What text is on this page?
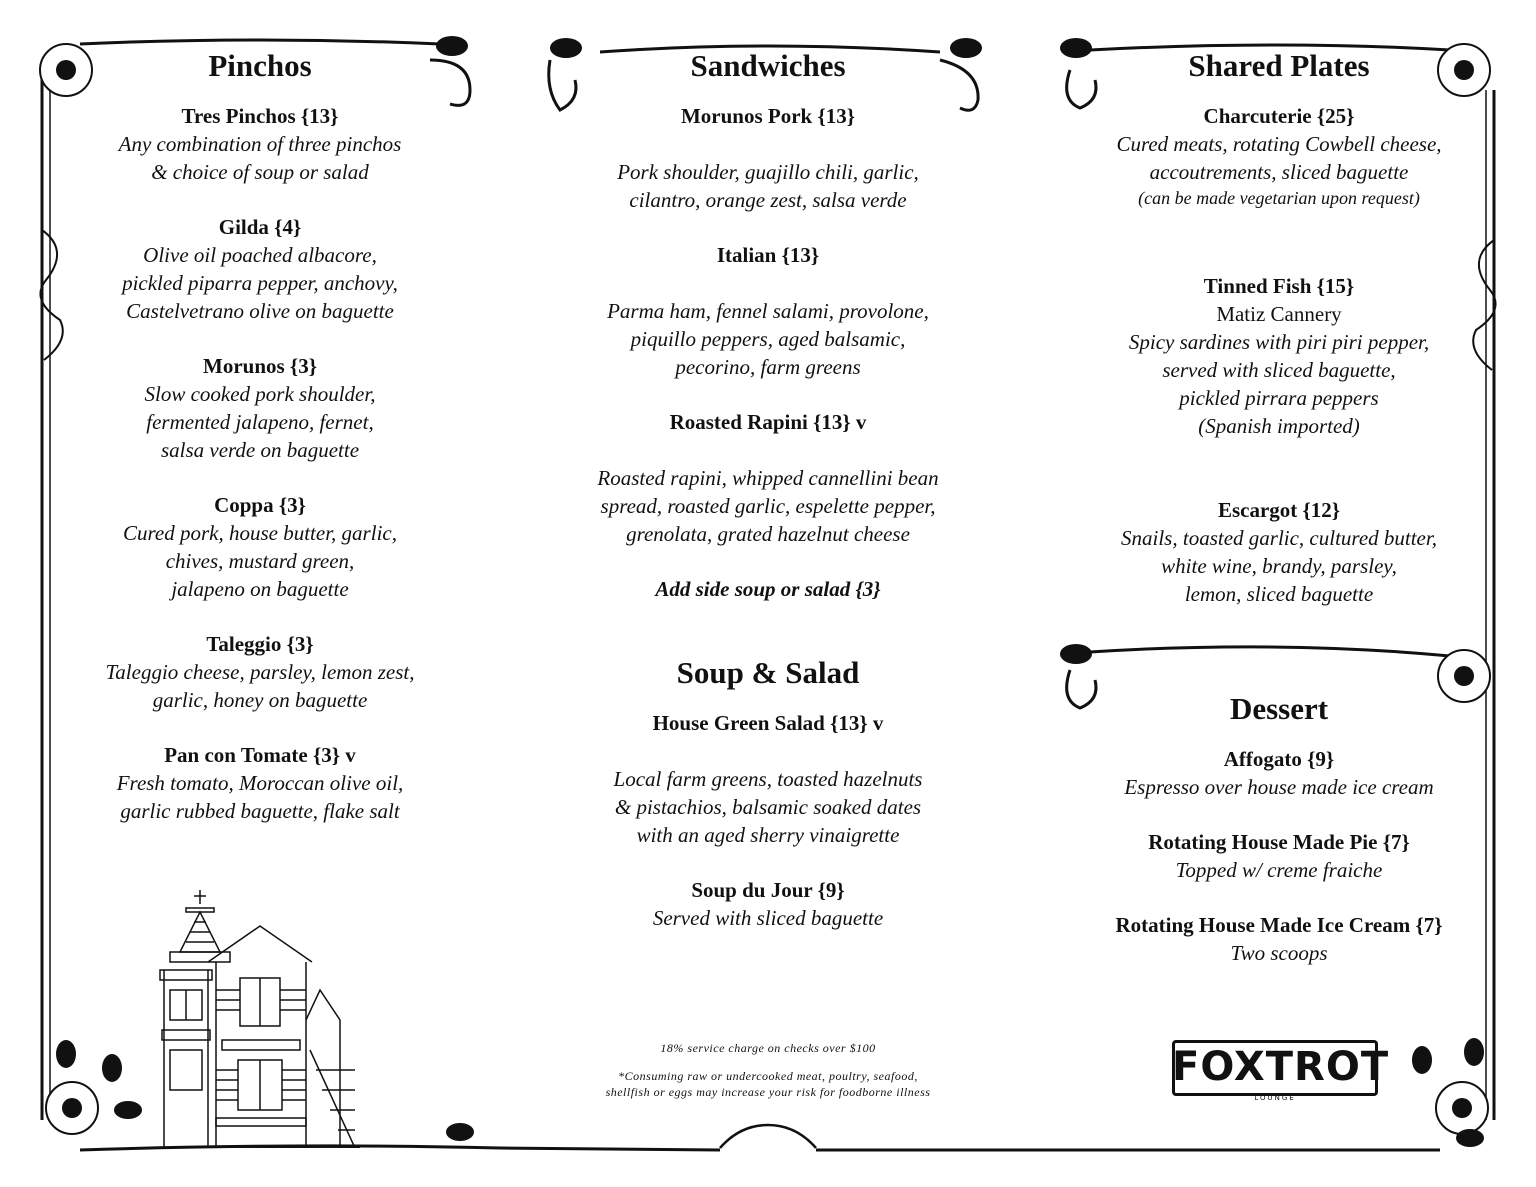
Pinchos
Tres Pinchos {13}
Any combination of three pinchos
& choice of soup or salad
Gilda {4}
Olive oil poached albacore,
pickled piparra pepper, anchovy,
Castelvetrano olive on baguette
Morunos {3}
Slow cooked pork shoulder,
fermented jalapeno, fernet,
salsa verde on baguette
Coppa {3}
Cured pork, house butter, garlic,
chives, mustard green,
jalapeno on baguette
Taleggio {3}
Taleggio cheese, parsley, lemon zest,
garlic, honey on baguette
Pan con Tomate {3} v
Fresh tomato, Moroccan olive oil,
garlic rubbed baguette, flake salt
Sandwiches
Morunos Pork {13}
Pork shoulder, guajillo chili, garlic,
cilantro, orange zest, salsa verde
Italian {13}
Parma ham, fennel salami, provolone,
piquillo peppers, aged balsamic,
pecorino, farm greens
Roasted Rapini {13} v
Roasted rapini, whipped cannellini bean
spread, roasted garlic, espelette pepper,
grenolata, grated hazelnut cheese
Add side soup or salad {3}
Soup & Salad
House Green Salad {13} v
Local farm greens, toasted hazelnuts
& pistachios, balsamic soaked dates
with an aged sherry vinaigrette
Soup du Jour {9}
Served with sliced baguette
18% service charge on checks over $100
*Consuming raw or undercooked meat, poultry, seafood,
shellfish or eggs may increase your risk for foodborne illness
Shared Plates
Charcuterie {25}
Cured meats, rotating Cowbell cheese,
accoutrements, sliced baguette
(can be made vegetarian upon request)
Tinned Fish {15}
Matiz Cannery
Spicy sardines with piri piri pepper,
served with sliced baguette,
pickled pirrara peppers
(Spanish imported)
Escargot {12}
Snails, toasted garlic, cultured butter,
white wine, brandy, parsley,
lemon, sliced baguette
Dessert
Affogato {9}
Espresso over house made ice cream
Rotating House Made Pie {7}
Topped w/ creme fraiche
Rotating House Made Ice Cream {7}
Two scoops
FOXTROT
LOUNGE
